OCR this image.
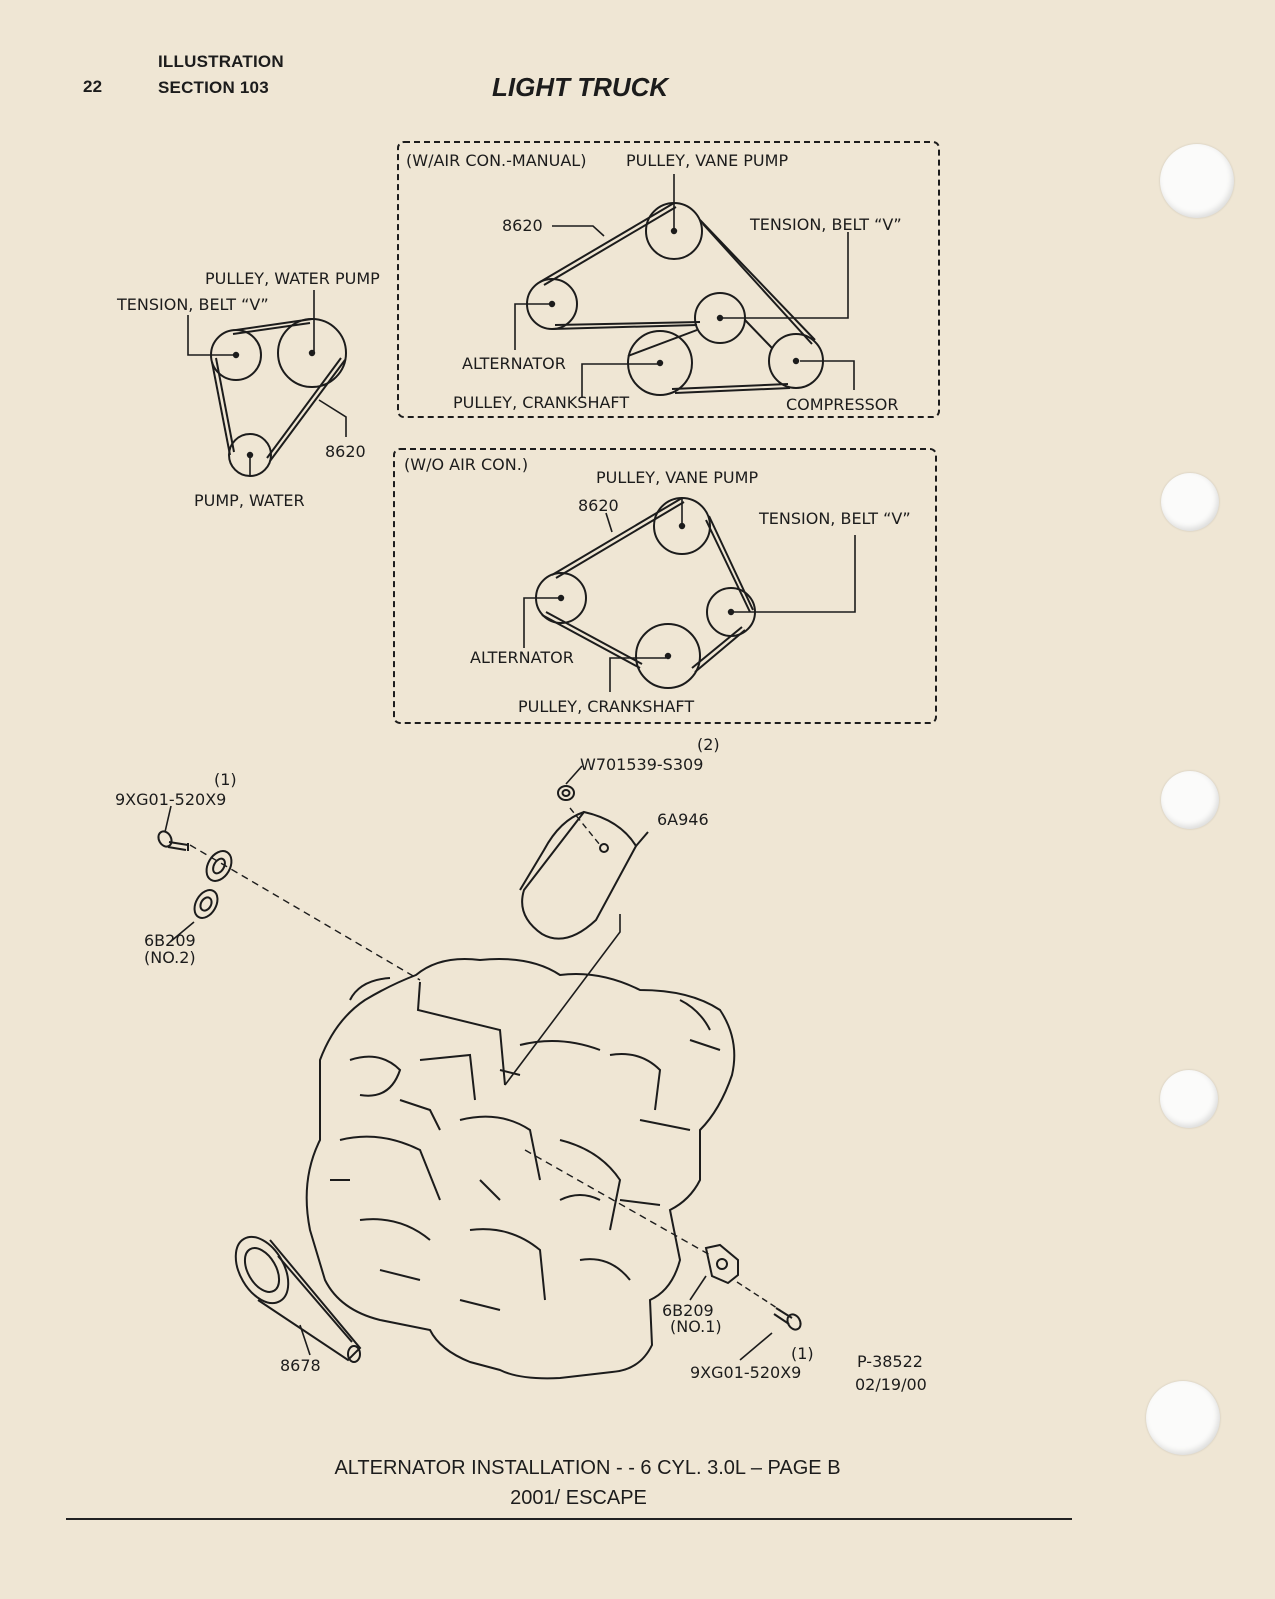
22
ILLUSTRATION
SECTION 103	LIGHT TRUCK
PULLEY, WATER PUMP
TENSION, BELT “V”
8620
PUMP, WATER
(W/AIR CON.-MANUAL) PULLEY, VANE PUMP
8620	TENSION, BELT “V”
ALTERNATOR
PULLEY, CRANKSHAFT	COMPRESSOR
(W/O AIR CON.)
PULLEY, VANE PUMP
8620
TENSION, BELT “V”
ALTERNATOR
PULLEY, CRANKSHAFT
(1)
9XG01-520X9
(2)
W701539-S309
6A946
6B209
(NO.2)
6B209
(NO.1)
(1)
9XG01-520X9
8678	P-38522
02/19/00
ALTERNATOR INSTALLATION - - 6 CYL. 3.0L – PAGE B
2001/ ESCAPE
